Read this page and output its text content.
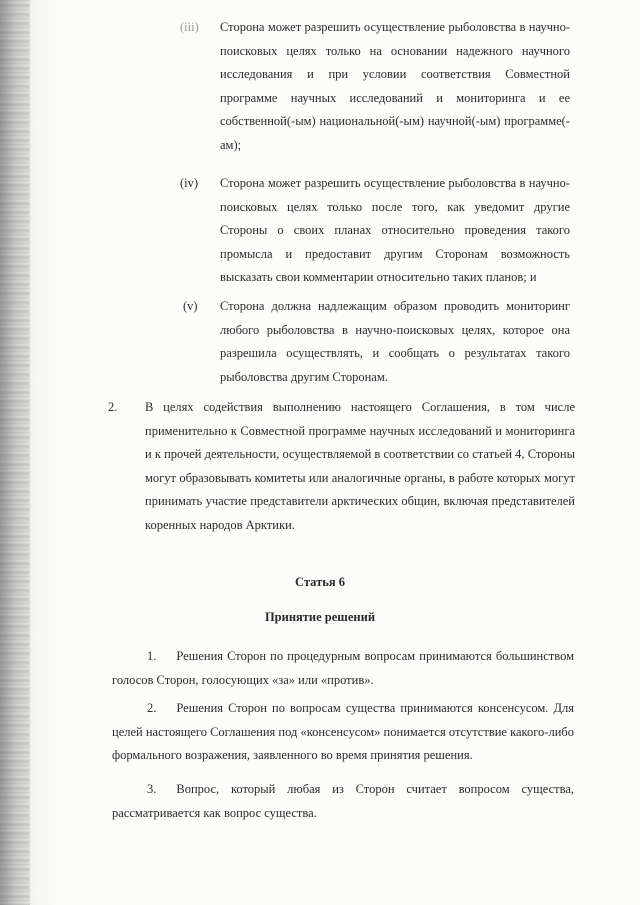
(iii) Сторона может разрешить осуществление рыболовства в научно-поисковых целях только на основании надежного научного исследования и при условии соответствия Совместной программе научных исследований и мониторинга и ее собственной(-ым) национальной(-ым) научной(-ым) программе(-ам);

(iv) Сторона может разрешить осуществление рыболовства в научно-поисковых целях только после того, как уведомит другие Стороны о своих планах относительно проведения такого промысла и предоставит другим Сторонам возможность высказать свои комментарии относительно таких планов; и

(v) Сторона должна надлежащим образом проводить мониторинг любого рыболовства в научно-поисковых целях, которое она разрешила осуществлять, и сообщать о результатах такого рыболовства другим Сторонам.

2. В целях содействия выполнению настоящего Соглашения, в том числе применительно к Совместной программе научных исследований и мониторинга и к прочей деятельности, осуществляемой в соответствии со статьей 4, Стороны могут образовывать комитеты или аналогичные органы, в работе которых могут принимать участие представители арктических общин, включая представителей коренных народов Арктики.

Статья 6

Принятие решений

1. Решения Сторон по процедурным вопросам принимаются большинством голосов Сторон, голосующих «за» или «против».

2. Решения Сторон по вопросам существа принимаются консенсусом. Для целей настоящего Соглашения под «консенсусом» понимается отсутствие какого-либо формального возражения, заявленного во время принятия решения.

3. Вопрос, который любая из Сторон считает вопросом существа, рассматривается как вопрос существа.
